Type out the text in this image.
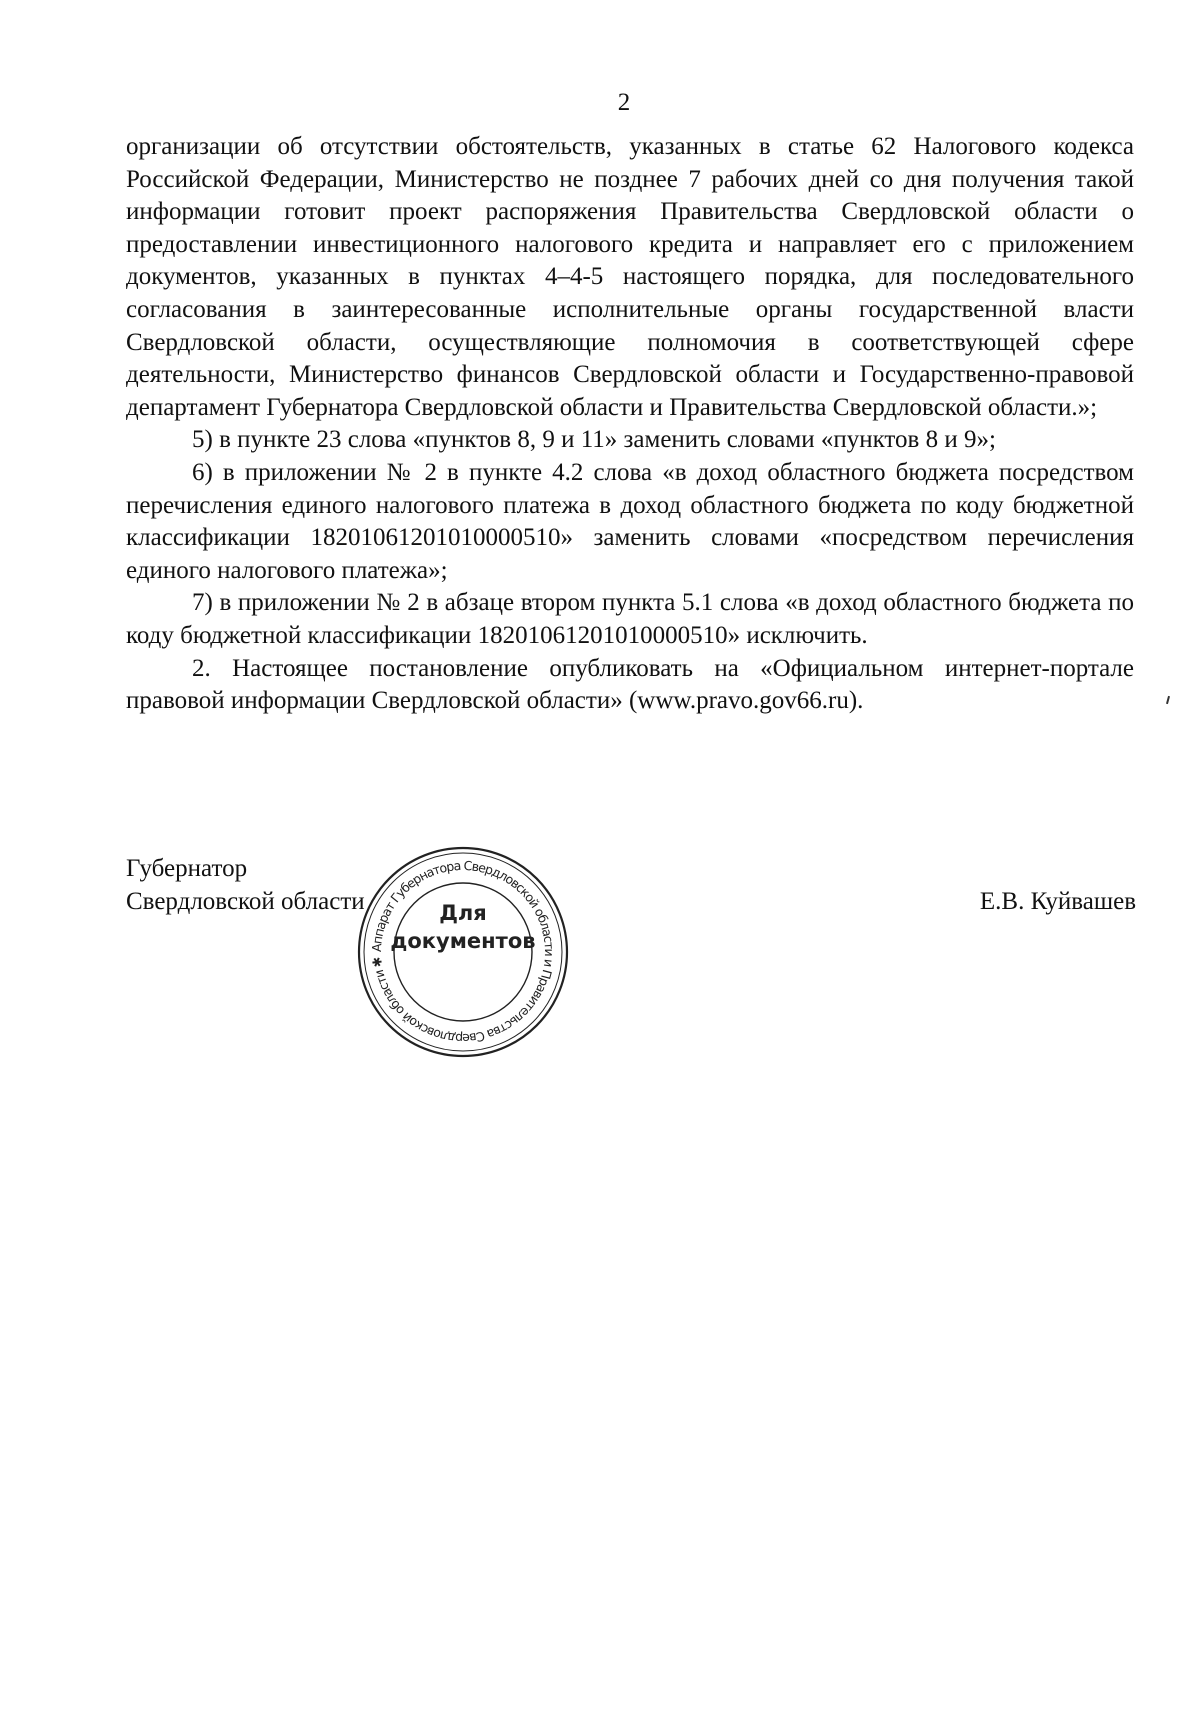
2

организации об отсутствии обстоятельств, указанных в статье 62 Налогового кодекса Российской Федерации, Министерство не позднее 7 рабочих дней со дня получения такой информации готовит проект распоряжения Правительства Свердловской области о предоставлении инвестиционного налогового кредита и направляет его с приложением документов, указанных в пунктах 4–4-5 настоящего порядка, для последовательного согласования в заинтересованные исполнительные органы государственной власти Свердловской области, осуществляющие полномочия в соответствующей сфере деятельности, Министерство финансов Свердловской области и Государственно-правовой департамент Губернатора Свердловской области и Правительства Свердловской области.»;

5) в пункте 23 слова «пунктов 8, 9 и 11» заменить словами «пунктов 8 и 9»;

6) в приложении № 2 в пункте 4.2 слова «в доход областного бюджета посредством перечисления единого налогового платежа в доход областного бюджета по коду бюджетной классификации 18201061201010000510» заменить словами «посредством перечисления единого налогового платежа»;

7) в приложении № 2 в абзаце втором пункта 5.1 слова «в доход областного бюджета по коду бюджетной классификации 18201061201010000510» исключить.

2. Настоящее постановление опубликовать на «Официальном интернет-портале правовой информации Свердловской области» (www.pravo.gov66.ru).

Губернатор
Свердловской области	Е.В. Куйвашев
Аппарат Губернатора Свердловской области и Правительства Свердловской области ✱
Для
документов
